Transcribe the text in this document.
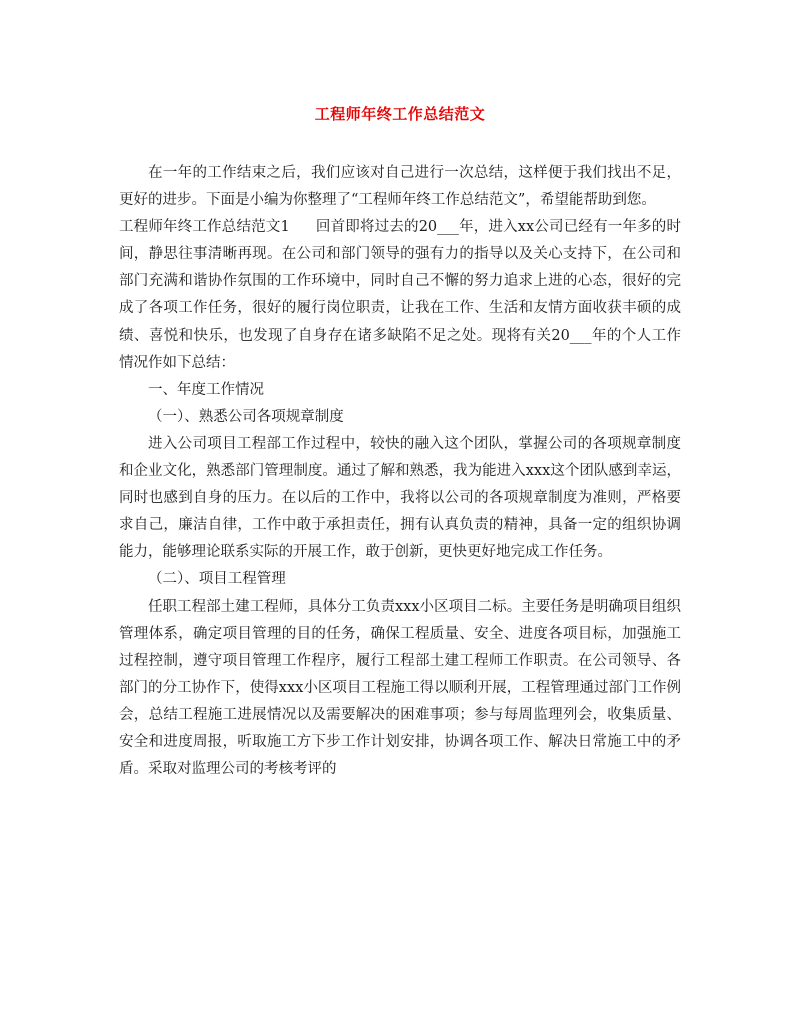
工程师年终工作总结范文

在一年的工作结束之后，我们应该对自己进行一次总结，这样便于我们找出不足，更好的进步。下面是小编为你整理了“工程师年终工作总结范文”，希望能帮助到您。

工程师年终工作总结范文1 回首即将过去的20___年，进入xx公司已经有一年多的时间，静思往事清晰再现。在公司和部门领导的强有力的指导以及关心支持下，在公司和部门充满和谐协作氛围的工作环境中，同时自己不懈的努力追求上进的心态，很好的完成了各项工作任务，很好的履行岗位职责，让我在工作、生活和友情方面收获丰硕的成绩、喜悦和快乐，也发现了自身存在诸多缺陷不足之处。现将有关20___年的个人工作情况作如下总结：

一、年度工作情况

（一）、熟悉公司各项规章制度

进入公司项目工程部工作过程中，较快的融入这个团队，掌握公司的各项规章制度和企业文化，熟悉部门管理制度。通过了解和熟悉，我为能进入xxx这个团队感到幸运，同时也感到自身的压力。在以后的工作中，我将以公司的各项规章制度为准则，严格要求自己，廉洁自律，工作中敢于承担责任，拥有认真负责的精神，具备一定的组织协调能力，能够理论联系实际的开展工作，敢于创新，更快更好地完成工作任务。

（二）、项目工程管理

任职工程部土建工程师，具体分工负责xxx小区项目二标。主要任务是明确项目组织管理体系，确定项目管理的目的任务，确保工程质量、安全、进度各项目标，加强施工过程控制，遵守项目管理工作程序，履行工程部土建工程师工作职责。在公司领导、各部门的分工协作下，使得xxx小区项目工程施工得以顺利开展，工程管理通过部门工作例会，总结工程施工进展情况以及需要解决的困难事项；参与每周监理列会，收集质量、安全和进度周报，听取施工方下步工作计划安排，协调各项工作、解决日常施工中的矛盾。采取对监理公司的考核考评的
